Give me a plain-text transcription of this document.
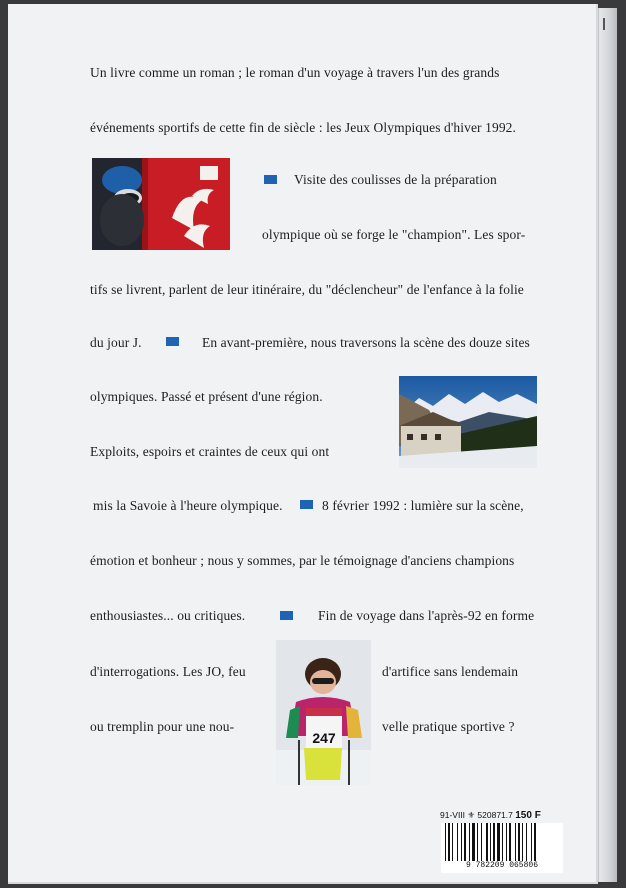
Un livre comme un roman ; le roman d'un voyage à travers l'un des grands
événements sportifs de cette fin de siècle : les Jeux Olympiques d'hiver 1992.
Visite des coulisses de la préparation
olympique où se forge le "champion". Les spor-
tifs se livrent, parlent de leur itinéraire, du "déclencheur" de l'enfance à la folie
du jour J.	En avant-première, nous traversons la scène des douze sites
olympiques. Passé et présent d'une région.
Exploits, espoirs et craintes de ceux qui ont
mis la Savoie à l'heure olympique.	8 février 1992 : lumière sur la scène,
émotion et bonheur ; nous y sommes, par le témoignage d'anciens champions
enthousiastes... ou critiques.	Fin de voyage dans l'après-92 en forme
d'interrogations. Les JO, feu	d'artifice sans lendemain
ou tremplin pour une nou-	velle pratique sportive ?
247
91-VIII ⚜ 520871.7 150 F
9 782209 065806
